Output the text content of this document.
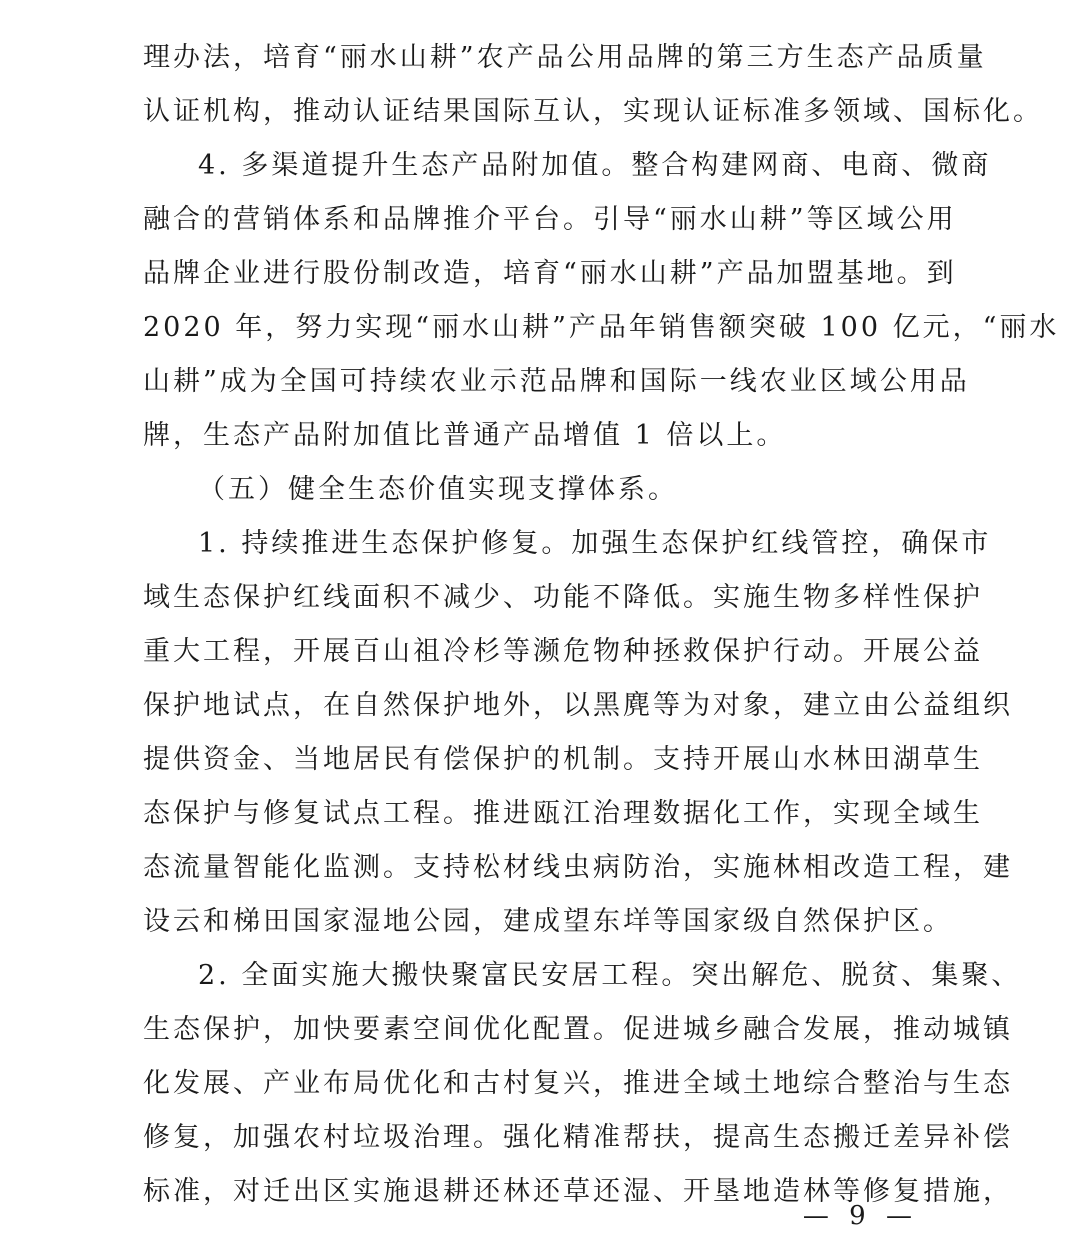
理办法，培育“丽水山耕”农产品公用品牌的第三方生态产品质量
认证机构，推动认证结果国际互认，实现认证标准多领域、国标化。
4. 多渠道提升生态产品附加值。整合构建网商、电商、微商
融合的营销体系和品牌推介平台。引导“丽水山耕”等区域公用
品牌企业进行股份制改造，培育“丽水山耕”产品加盟基地。到
2020 年，努力实现“丽水山耕”产品年销售额突破 100 亿元，“丽水
山耕”成为全国可持续农业示范品牌和国际一线农业区域公用品
牌，生态产品附加值比普通产品增值 1 倍以上。
（五）健全生态价值实现支撑体系。
1. 持续推进生态保护修复。加强生态保护红线管控，确保市
域生态保护红线面积不减少、功能不降低。实施生物多样性保护
重大工程，开展百山祖冷杉等濒危物种拯救保护行动。开展公益
保护地试点，在自然保护地外，以黑麂等为对象，建立由公益组织
提供资金、当地居民有偿保护的机制。支持开展山水林田湖草生
态保护与修复试点工程。推进瓯江治理数据化工作，实现全域生
态流量智能化监测。支持松材线虫病防治，实施林相改造工程，建
设云和梯田国家湿地公园，建成望东垟等国家级自然保护区。
2. 全面实施大搬快聚富民安居工程。突出解危、脱贫、集聚、
生态保护，加快要素空间优化配置。促进城乡融合发展，推动城镇
化发展、产业布局优化和古村复兴，推进全域土地综合整治与生态
修复，加强农村垃圾治理。强化精准帮扶，提高生态搬迁差异补偿
标准，对迁出区实施退耕还林还草还湿、开垦地造林等修复措施，
— 9 —
